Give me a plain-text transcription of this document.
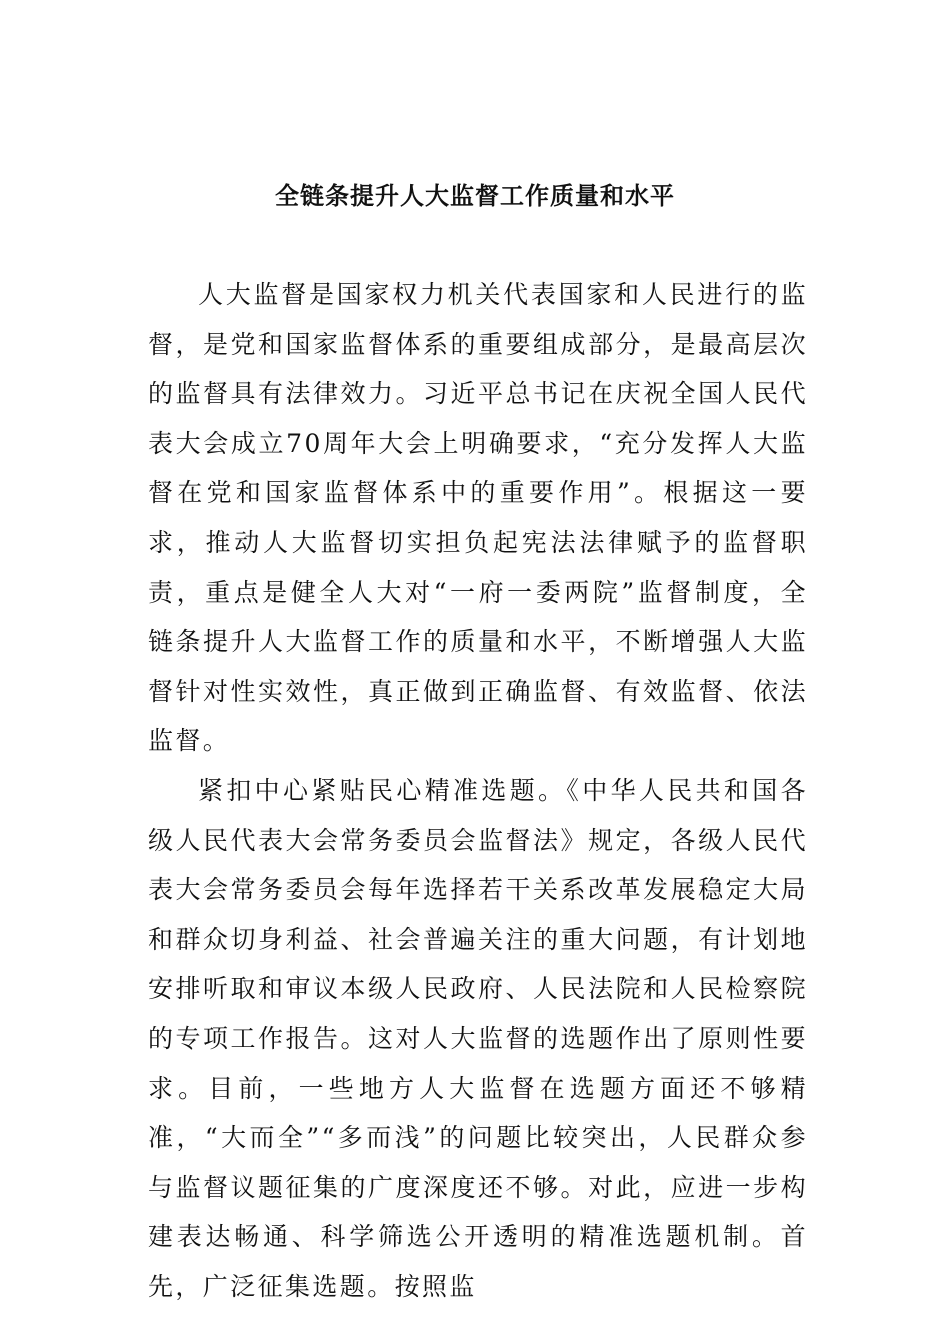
全链条提升人大监督工作质量和水平

人大监督是国家权力机关代表国家和人民进行的监督，是党和国家监督体系的重要组成部分，是最高层次的监督具有法律效力。习近平总书记在庆祝全国人民代表大会成立70周年大会上明确要求，“充分发挥人大监督在党和国家监督体系中的重要作用”。根据这一要求，推动人大监督切实担负起宪法法律赋予的监督职责，重点是健全人大对“一府一委两院”监督制度，全链条提升人大监督工作的质量和水平，不断增强人大监督针对性实效性，真正做到正确监督、有效监督、依法监督。

紧扣中心紧贴民心精准选题。《中华人民共和国各级人民代表大会常务委员会监督法》规定，各级人民代表大会常务委员会每年选择若干关系改革发展稳定大局和群众切身利益、社会普遍关注的重大问题，有计划地安排听取和审议本级人民政府、人民法院和人民检察院的专项工作报告。这对人大监督的选题作出了原则性要求。目前，一些地方人大监督在选题方面还不够精准，“大而全”“多而浅”的问题比较突出，人民群众参与监督议题征集的广度深度还不够。对此，应进一步构建表达畅通、科学筛选公开透明的精准选题机制。首先，广泛征集选题。按照监
